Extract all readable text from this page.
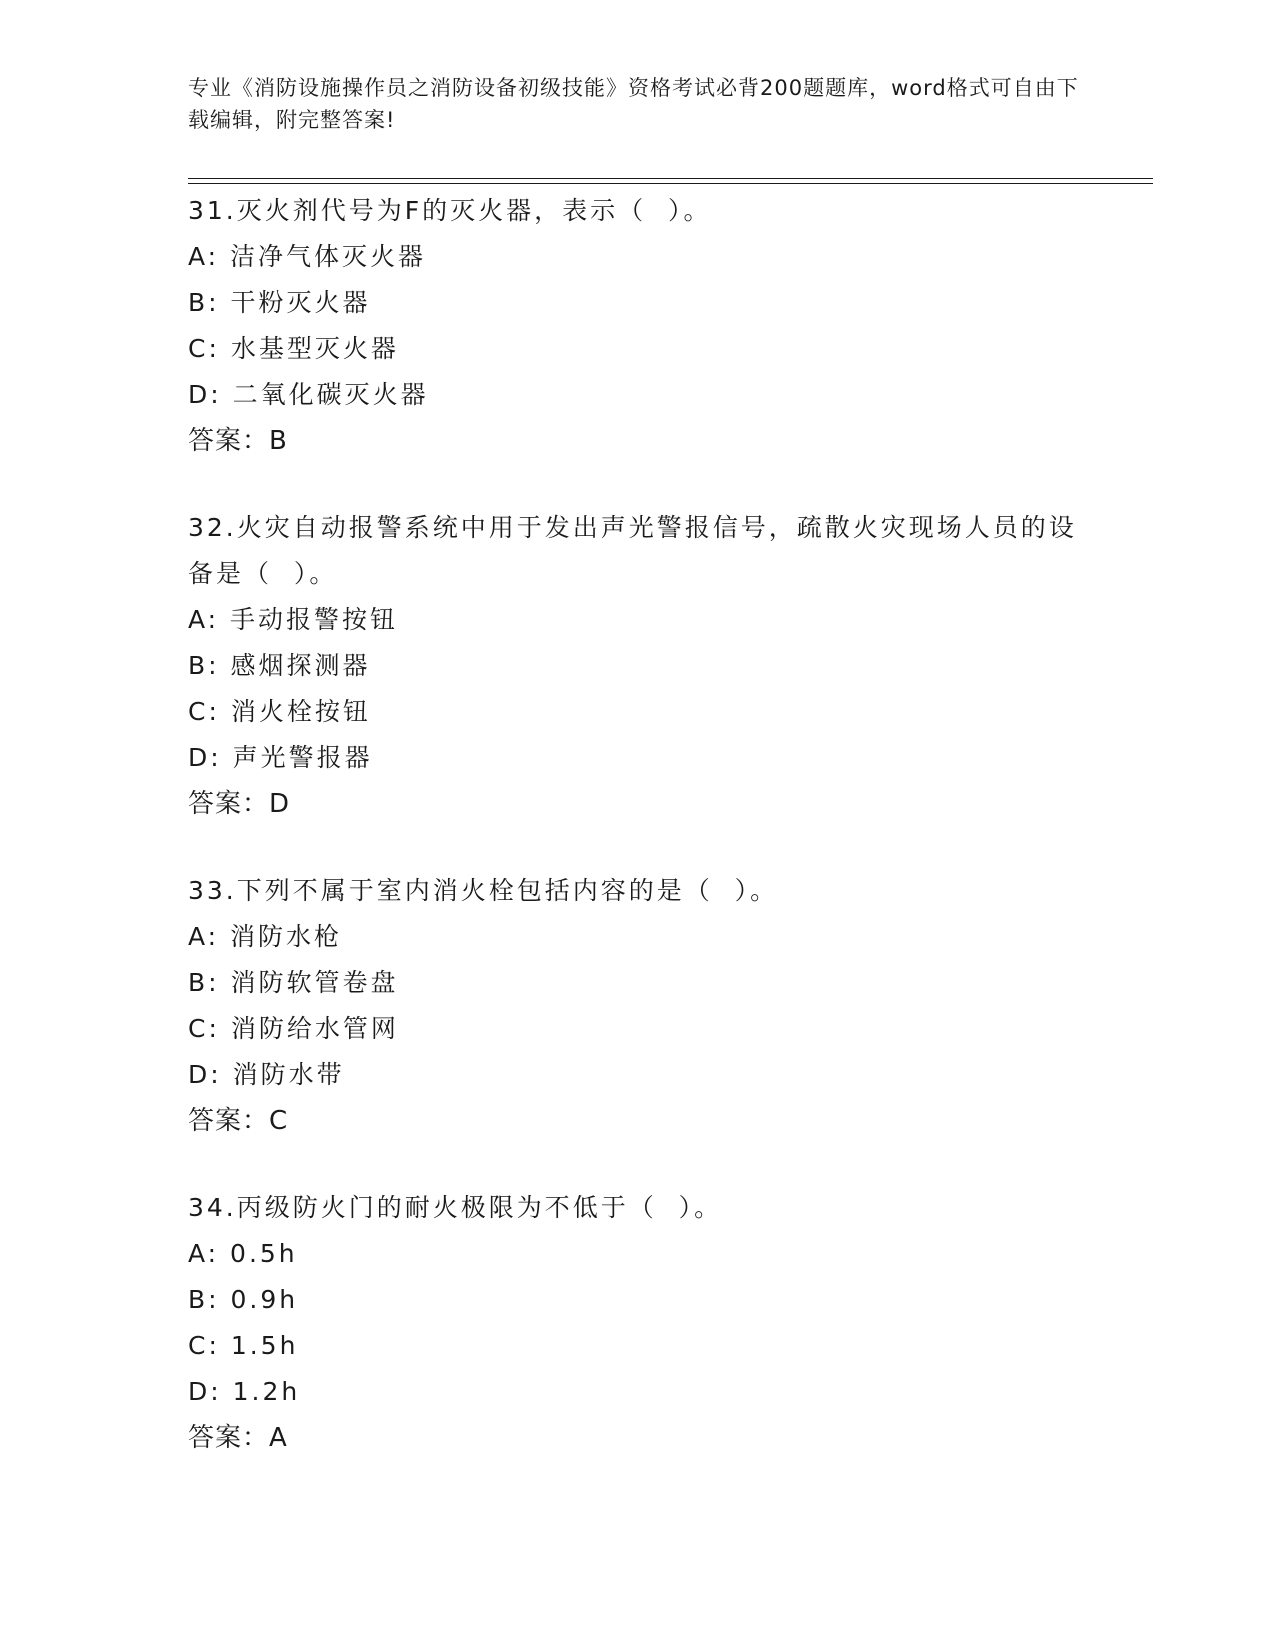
专业《消防设施操作员之消防设备初级技能》资格考试必背200题题库，word格式可自由下载编辑，附完整答案!
31.灭火剂代号为F的灭火器，表示（  ）。
A: 洁净气体灭火器
B: 干粉灭火器
C: 水基型灭火器
D: 二氧化碳灭火器
答案：B
32.火灾自动报警系统中用于发出声光警报信号，疏散火灾现场人员的设备是（  ）。
A: 手动报警按钮
B: 感烟探测器
C: 消火栓按钮
D: 声光警报器
答案：D
33.下列不属于室内消火栓包括内容的是（  ）。
A: 消防水枪
B: 消防软管卷盘
C: 消防给水管网
D: 消防水带
答案：C
34.丙级防火门的耐火极限为不低于（  ）。
A: 0.5h
B: 0.9h
C: 1.5h
D: 1.2h
答案：A
